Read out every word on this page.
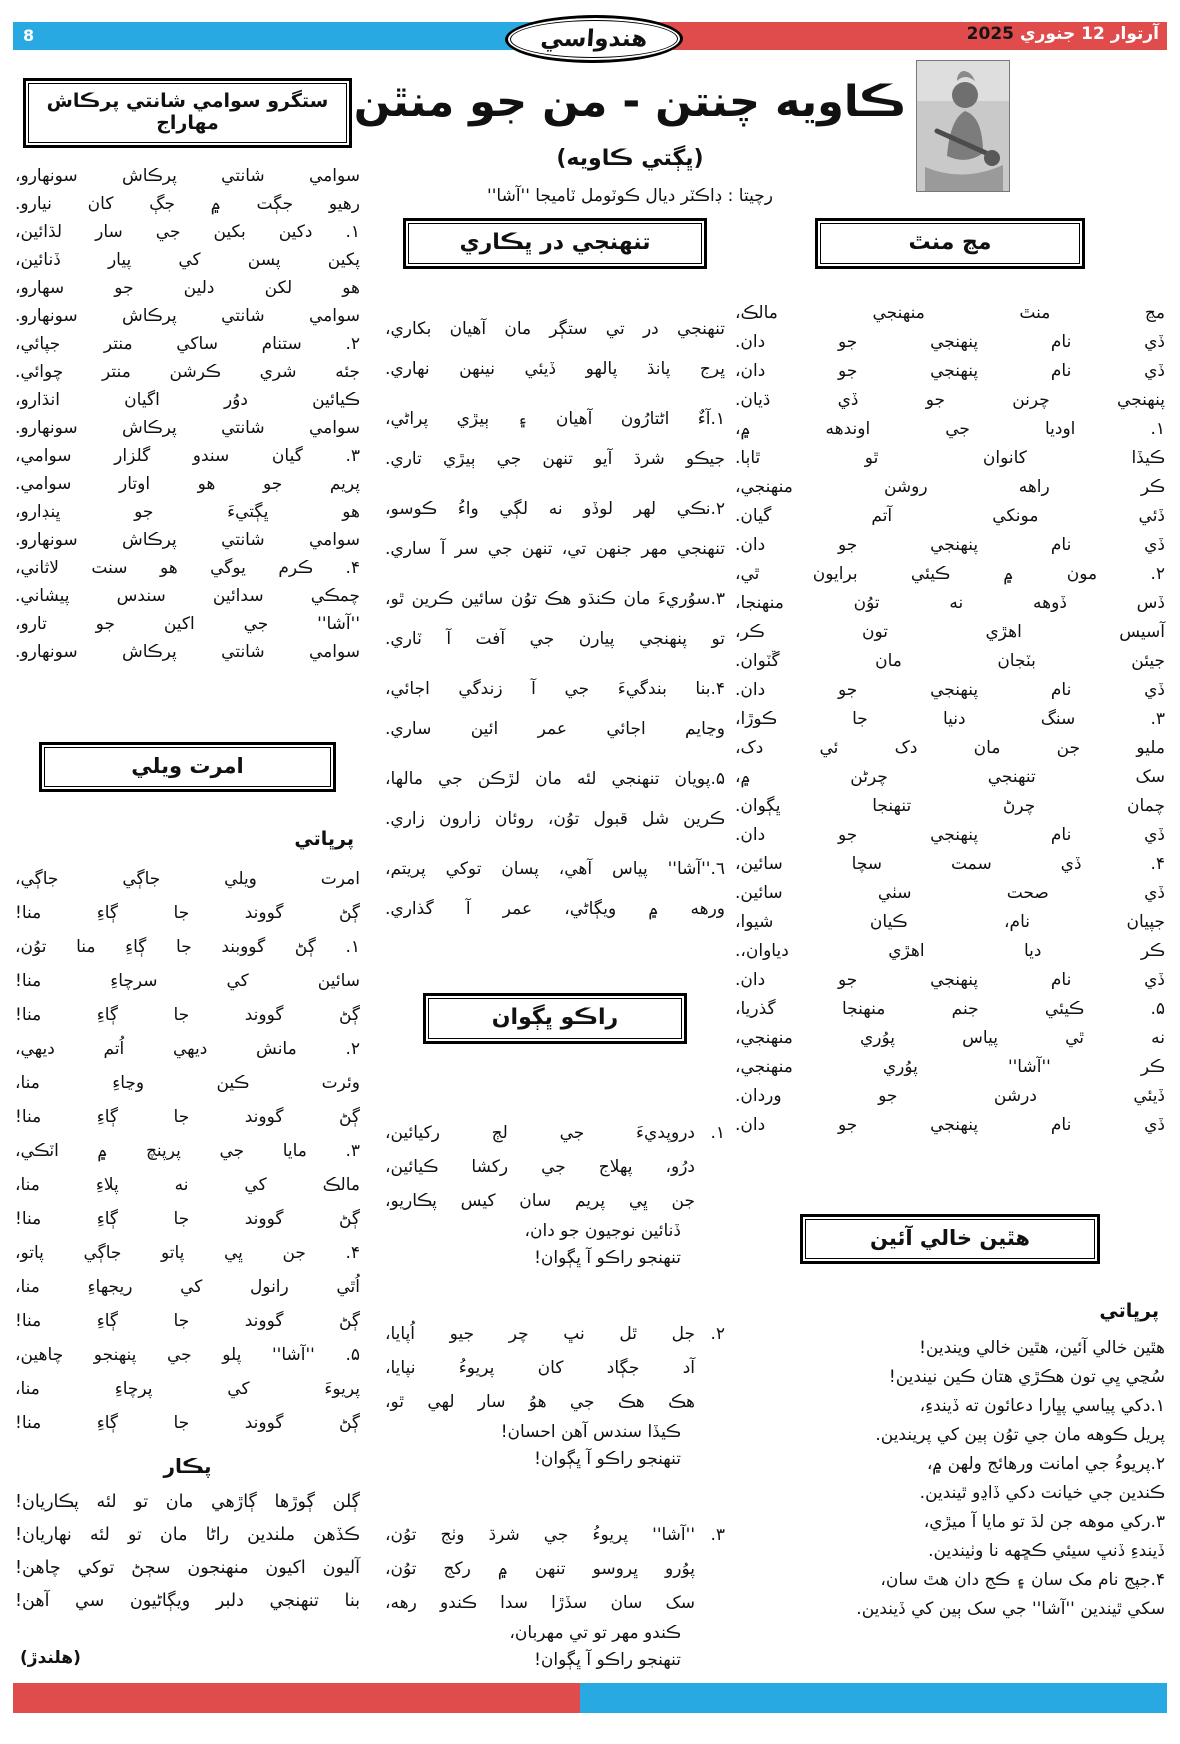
8	آرتوار 12 جنوري2025
هندواسي
ڪاويه چنتن - من جو منٿن
(ڀڳتي ڪاويه)
رچيتا : ڊاڪٽر ديال ڪوٽومل ٽاميجا ''آشا''
ستگرو سوامي شانتي پرڪاش مهاراج
سوامي شانتي پرڪاش سونهارو،
رهيو جڳت ۾ جڳ کان نيارو.
١. دکين بکين جي سار لڌائين،
پکين پسن کي پيار ڏنائين،
هو لکن دلين جو سهارو،
سوامي شانتي پرڪاش سونهارو.
٢. ستنام ساکي منتر جپائي،
جئه شري ڪرشن منتر چوائي.
ڪيائين دوُر اگيان انڌارو،
سوامي شانتي پرڪاش سونهارو.
٣. گيان سندو گلزار سوامي،
پريم جو هو اوتار سوامي.
هو ڀڳتيءَ جو ڀنڊارو،
سوامي شانتي پرڪاش سونهارو.
۴. ڪرم يوگي هو سنت لاثاني،
چمڪي سدائين سندس پيشاني.
''آشا'' جي اکين جو تارو،
سوامي شانتي پرڪاش سونهارو.
امرت ويلي
پرڀاتي
امرت ويلي جاڳي جاڳي،
ڳڻ گووند جا ڳاءِ منا!
١. ڳڻ گووبند جا ڳاءِ منا توُن،
سائين کي سرچاءِ منا!
ڳڻ گووند جا ڳاءِ منا!
٢. مانش ديهي اُتم ديهي،
وئرت ڪين وڃاءِ منا،
ڳڻ گووند جا ڳاءِ منا!
٣. مايا جي پرپنچ ۾ اٽڪي،
مالڪ کي نه پلاءِ منا،
ڳڻ گووند جا ڳاءِ منا!
۴. جن ڀي پاتو جاڳي پاتو،
اُٿي رانول کي ريجهاءِ منا،
ڳڻ گووند جا ڳاءِ منا!
۵. ''آشا'' پلو جي پنهنجو چاهين،
پريوءَ کي پرچاءِ منا،
ڳڻ گووند جا ڳاءِ منا!
پڪار
ڳلن ڳوڙها ڳاڙهي مان تو لئه پڪاريان!
ڪڏهن ملندين راڻا مان تو لئه نهاريان!
آليون اکيون منهنجون سڄڻ توکي چاهن!
بنا تنهنجي دلبر ويڳاڻيون سي آهن!
تنهنجي در ڀڪاري
تنهنجي در تي ستڳر مان آهيان بکاري،
ڀرج پانڌ پالهو ڏيئي نينهن نهاري.
١.آءٌ اڻتارُون آهيان ۽ ٻيڙي پراڻي،
جيڪو شرڌ آيو تنهن جي ٻيڙي تاري.
٢.نڪي لهر لوڏو نه لڳي واءُ ڪوسو،
تنهنجي مهر جنهن تي، تنهن جي سر آ ساري.
٣.سوُريءَ مان ڪنڌو هڪ توُن سائين ڪرين ٿو،
تو پنهنجي پيارن جي آفت آ ٽاري.
۴.بنا بندگيءَ جي آ زندگي اجائي،
وڃايم اجائي عمر ائين ساري.
۵.پويان تنهنجي لئه مان لڙڪن جي مالها،
ڪرين شل قبول توُن، روئان زارون زاري.
٦.''آشا'' پياس آهي، پسان توکي پريتم،
ورهه ۾ ويڳاڻي، عمر آ گذاري.
راڪو ڀڳوان
١.
دروپديءَ جي لڄ رکيائين،
درُو، پهلاج جي رکشا ڪيائين،
جن ڀي پريم سان کيس پڪاريو،
ڏنائين نوجيون جو دان،
تنهنجو راڪو آ ڀڳوان!
٢.
جل ٿل نڀ چر جيو اُپايا،
آد جڳاد کان پريوءُ نپايا،
هڪ هڪ جي هوُ سار لهي ٿو،
ڪيڏا سندس آهن احسان!
تنهنجو راڪو آ ڀڳوان!
٣.
''آشا'' پريوءُ جي شرڌ وٺج توُن،
پوُرو ڀروسو تنهن ۾ رکج توُن،
سک سان سڏڙا سدا ڪندو رهه،
ڪندو مهر تو تي مهربان،
تنهنجو راڪو آ ڀڳوان!
مڃ منٿ
مڃ منٿ منهنجي مالڪ،
ڏي نام پنهنجي جو دان.
ڏي نام پنهنجي جو دان،
پنهنجي چرنن جو ڏي ڌيان.
١. اوديا جي اوندهه ۾،
ڪيڏا کانوان ٿو ٿاٻا.
ڪر راهه روشن منهنجي،
ڏئي مونکي آتم گيان.
ڏي نام پنهنجي جو دان.
٢. مون ۾ ڪيئي برايون ٿي،
ڏس ڏوهه نه توُن منهنجا،
آسيس اهڙي تون ڪر،
جيئن بٽجان مان ڱٽوان.
ڏي نام پنهنجي جو دان.
٣. سنگ دنيا جا ڪوڙا،
مليو جن مان دک ئي دک،
سک تنهنجي چرڻن ۾،
چمان چرڻ تنهنجا ڀڳوان.
ڏي نام پنهنجي جو دان.
۴. ڏي سمت سچا سائين،
ڏي صحت سٺي سائين.
جپيان نام، ڪيان شيوا،
ڪر ديا اهڙي دياوان،.
ڏي نام پنهنجي جو دان.
۵. ڪيئي جنم منهنجا گذريا،
نه ٿي پياس پوُري منهنجي،
ڪر ''آشا'' پوُري منهنجي،
ڏيئي درشن جو وردان.
ڏي نام پنهنجي جو دان.
هٿين خالي آئين
پرڀاتي
هٿين خالي آئين، هٿين خالي ويندين!
سُڃي ڀي تون هڪڙي هتان ڪين نيندين!
١.دکي پياسي پڀارا دعائون ته ڏيندءِ،
پريل ڪوهه مان جي توُن ٻين کي پريندين.
٢.پريوءُ جي امانت ورهائج ولهن ۾،
ڪندين جي خيانت دکي ڏاڍو ٿيندين.
٣.رکي موهه جن لڌ تو مايا آ ميڙي،
ڏيندءِ ڏنڀ سيئي ڪڇهه نا وٺيندين.
۴.جپج نام مک سان ۽ ڪج دان هٿ سان،
سکي ٿيندين ''آشا'' جي سک ٻين کي ڏيندين.
(هلندڙ)
